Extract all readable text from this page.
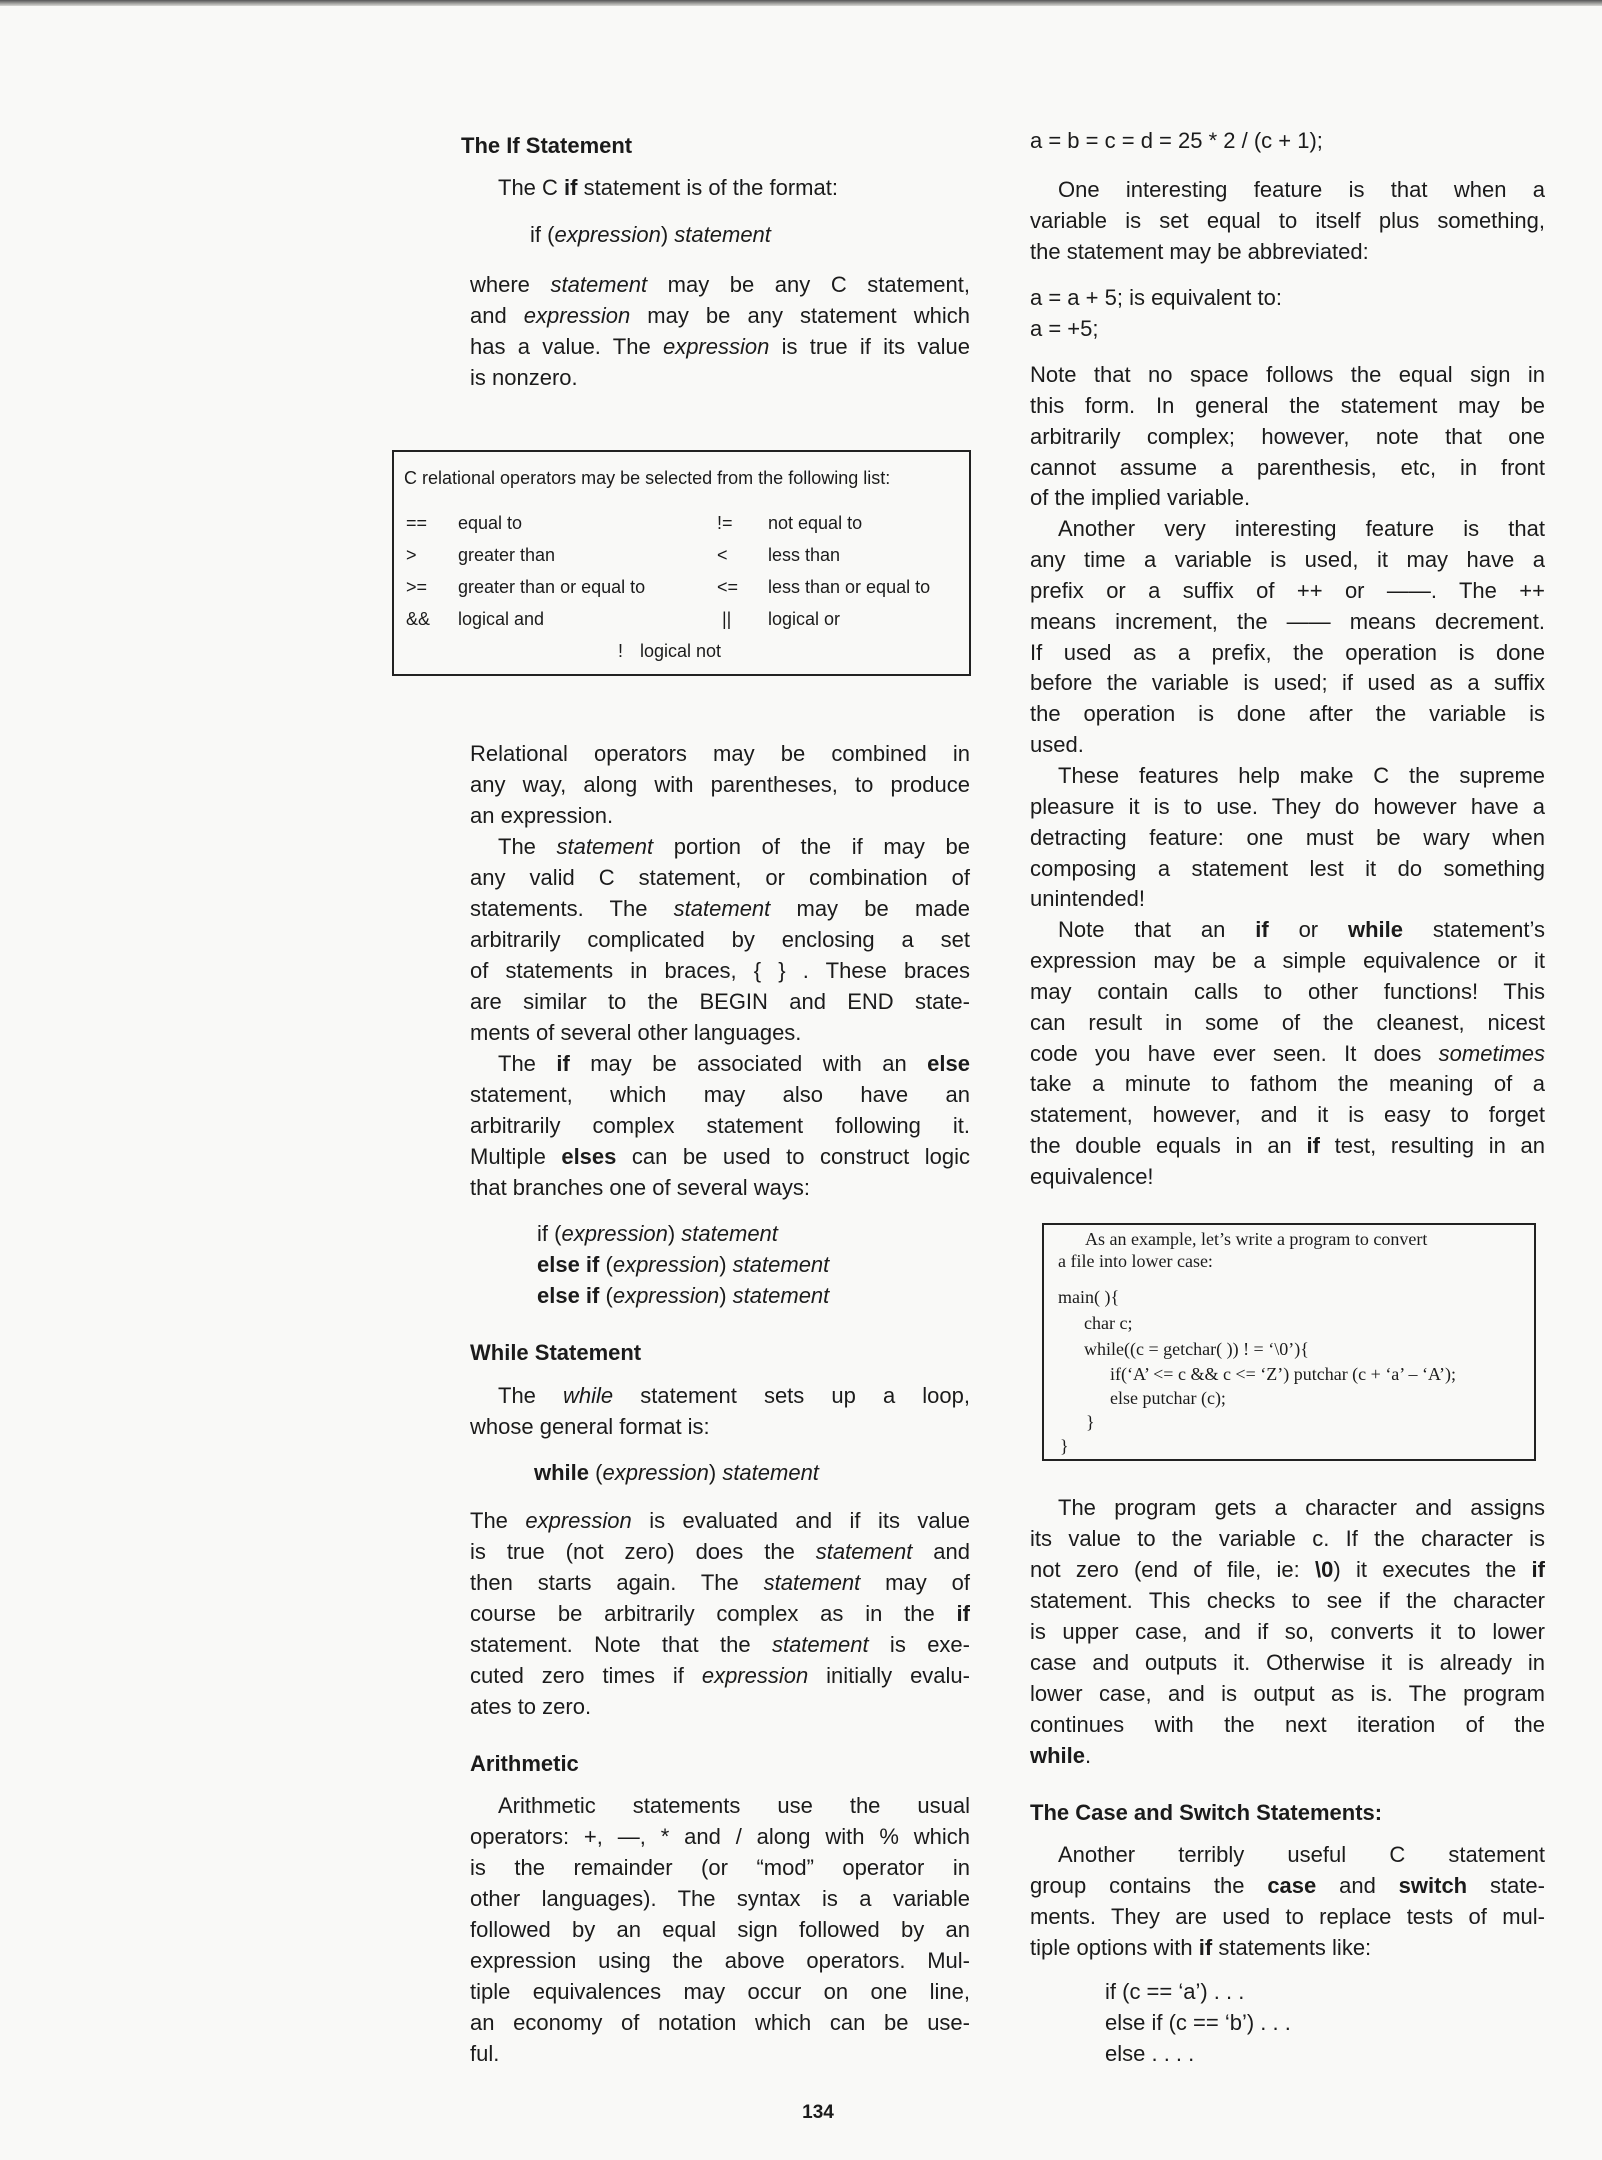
The If Statement
The C if statement is of the format:
if (expression) statement
where statement may be any C statement,
and expression may be any statement which
has a value. The expression is true if its value
is nonzero.
Relational operators may be combined in
any way, along with parentheses, to produce
an expression.
The statement portion of the if may be
any valid C statement, or combination of
statements. The statement may be made
arbitrarily complicated by enclosing a set
of statements in braces, { } . These braces
are similar to the BEGIN and END state-
ments of several other languages.
The if may be associated with an else
statement, which may also have an
arbitrarily complex statement following it.
Multiple elses can be used to construct logic
that branches one of several ways:
if (expression) statement
else if (expression) statement
else if (expression) statement
While Statement
The while statement sets up a loop,
whose general format is:
while (expression) statement
The expression is evaluated and if its value
is true (not zero) does the statement and
then starts again. The statement may of
course be arbitrarily complex as in the if
statement. Note that the statement is exe-
cuted zero times if expression initially evalu-
ates to zero.
Arithmetic
Arithmetic statements use the usual
operators: +, —, * and / along with % which
is the remainder (or “mod” operator in
other languages). The syntax is a variable
followed by an equal sign followed by an
expression using the above operators. Mul-
tiple equivalences may occur on one line,
an economy of notation which can be use-
ful.
a = b = c = d = 25 * 2 / (c + 1);
One interesting feature is that when a
variable is set equal to itself plus something,
the statement may be abbreviated:
a = a + 5; is equivalent to:
a = +5;
Note that no space follows the equal sign in
this form. In general the statement may be
arbitrarily complex; however, note that one
cannot assume a parenthesis, etc, in front
of the implied variable.
Another very interesting feature is that
any time a variable is used, it may have a
prefix or a suffix of ++ or ——. The ++
means increment, the —— means decrement.
If used as a prefix, the operation is done
before the variable is used; if used as a suffix
the operation is done after the variable is
used.
These features help make C the supreme
pleasure it is to use. They do however have a
detracting feature: one must be wary when
composing a statement lest it do something
unintended!
Note that an if or while statement’s
expression may be a simple equivalence or it
may contain calls to other functions! This
can result in some of the cleanest, nicest
code you have ever seen. It does sometimes
take a minute to fathom the meaning of a
statement, however, and it is easy to forget
the double equals in an if test, resulting in an
equivalence!
The program gets a character and assigns
its value to the variable c. If the character is
not zero (end of file, ie: \0) it executes the if
statement. This checks to see if the character
is upper case, and if so, converts it to lower
case and outputs it. Otherwise it is already in
lower case, and is output as is. The program
continues with the next iteration of the
while.
The Case and Switch Statements:
Another terribly useful C statement
group contains the case and switch state-
ments. They are used to replace tests of mul-
tiple options with if statements like:
if (c == ‘a’) . . .
else if (c == ‘b’) . . .
else . . . .
C relational operators may be selected from the following list:
== equal to	!= not equal to
> greater than	< less than
>= greater than or equal to	<= less than or equal to
&& logical and	|| logical or
! logical not
As an example, let’s write a program to convert
a file into lower case:
main( ){
char c;
while((c = getchar( )) ! = ‘\0’){
if(‘A’ <= c && c <= ‘Z’) putchar (c + ‘a’ – ‘A’);
else putchar (c);
}
}
134
